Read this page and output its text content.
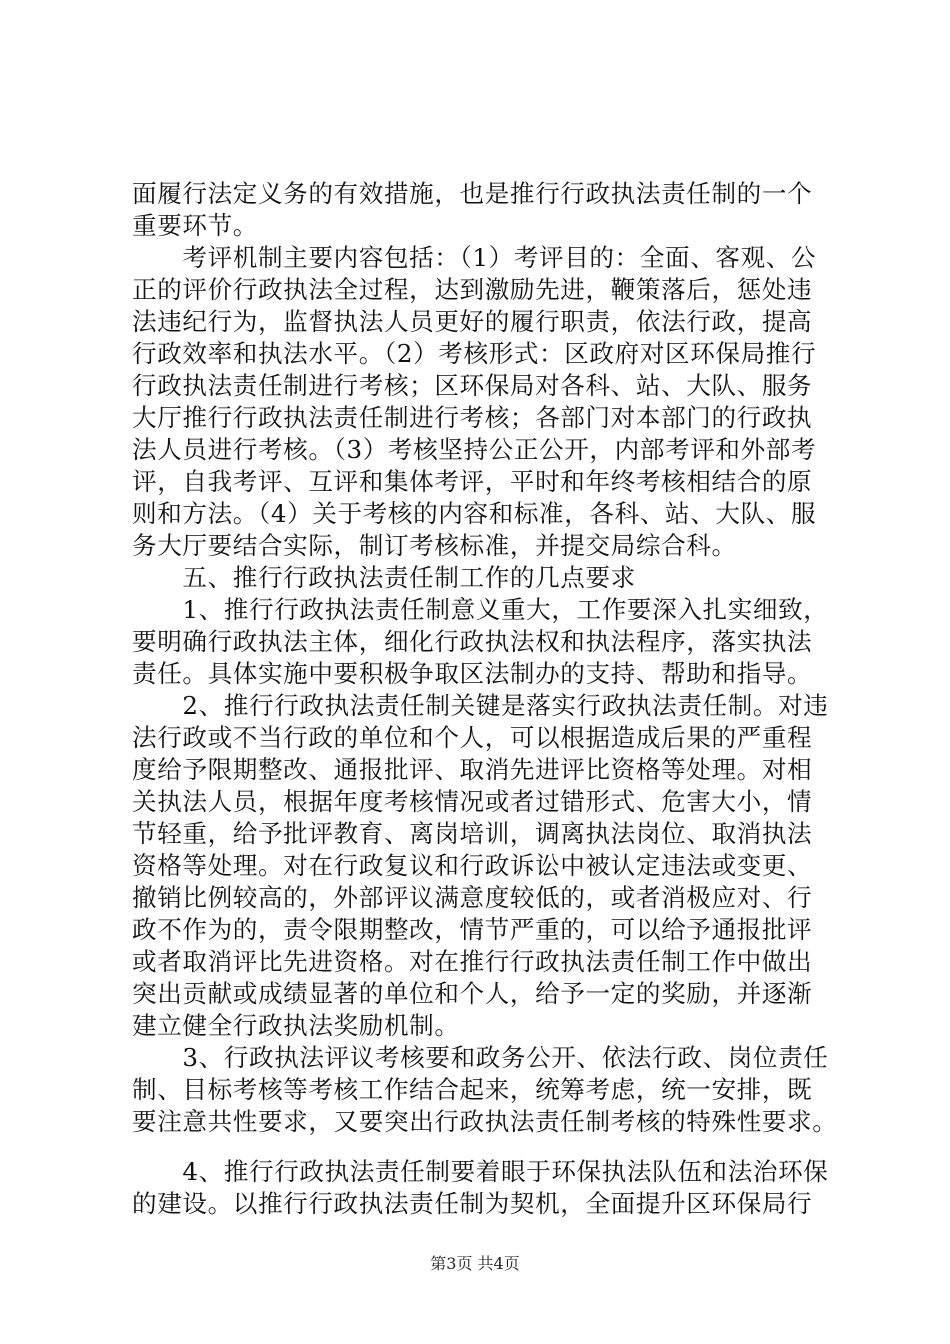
面履行法定义务的有效措施，也是推行行政执法责任制的一个
重要环节。
　　考评机制主要内容包括：（1）考评目的：全面、客观、公
正的评价行政执法全过程，达到激励先进，鞭策落后，惩处违
法违纪行为，监督执法人员更好的履行职责，依法行政，提高
行政效率和执法水平。（2）考核形式：区政府对区环保局推行
行政执法责任制进行考核；区环保局对各科、站、大队、服务
大厅推行行政执法责任制进行考核；各部门对本部门的行政执
法人员进行考核。（3）考核坚持公正公开，内部考评和外部考
评，自我考评、互评和集体考评，平时和年终考核相结合的原
则和方法。（4）关于考核的内容和标准，各科、站、大队、服
务大厅要结合实际，制订考核标准，并提交局综合科。
　　五、推行行政执法责任制工作的几点要求
　　1、推行行政执法责任制意义重大，工作要深入扎实细致，
要明确行政执法主体，细化行政执法权和执法程序，落实执法
责任。具体实施中要积极争取区法制办的支持、帮助和指导。
　　2、推行行政执法责任制关键是落实行政执法责任制。对违
法行政或不当行政的单位和个人，可以根据造成后果的严重程
度给予限期整改、通报批评、取消先进评比资格等处理。对相
关执法人员，根据年度考核情况或者过错形式、危害大小，情
节轻重，给予批评教育、离岗培训，调离执法岗位、取消执法
资格等处理。对在行政复议和行政诉讼中被认定违法或变更、
撤销比例较高的，外部评议满意度较低的，或者消极应对、行
政不作为的，责令限期整改，情节严重的，可以给予通报批评
或者取消评比先进资格。对在推行行政执法责任制工作中做出
突出贡献或成绩显著的单位和个人，给予一定的奖励，并逐渐
建立健全行政执法奖励机制。
　　3、行政执法评议考核要和政务公开、依法行政、岗位责任
制、目标考核等考核工作结合起来，统筹考虑，统一安排，既
要注意共性要求，又要突出行政执法责任制考核的特殊性要求。
　　4、推行行政执法责任制要着眼于环保执法队伍和法治环保
的建设。以推行行政执法责任制为契机，全面提升区环保局行
第3页 共4页
